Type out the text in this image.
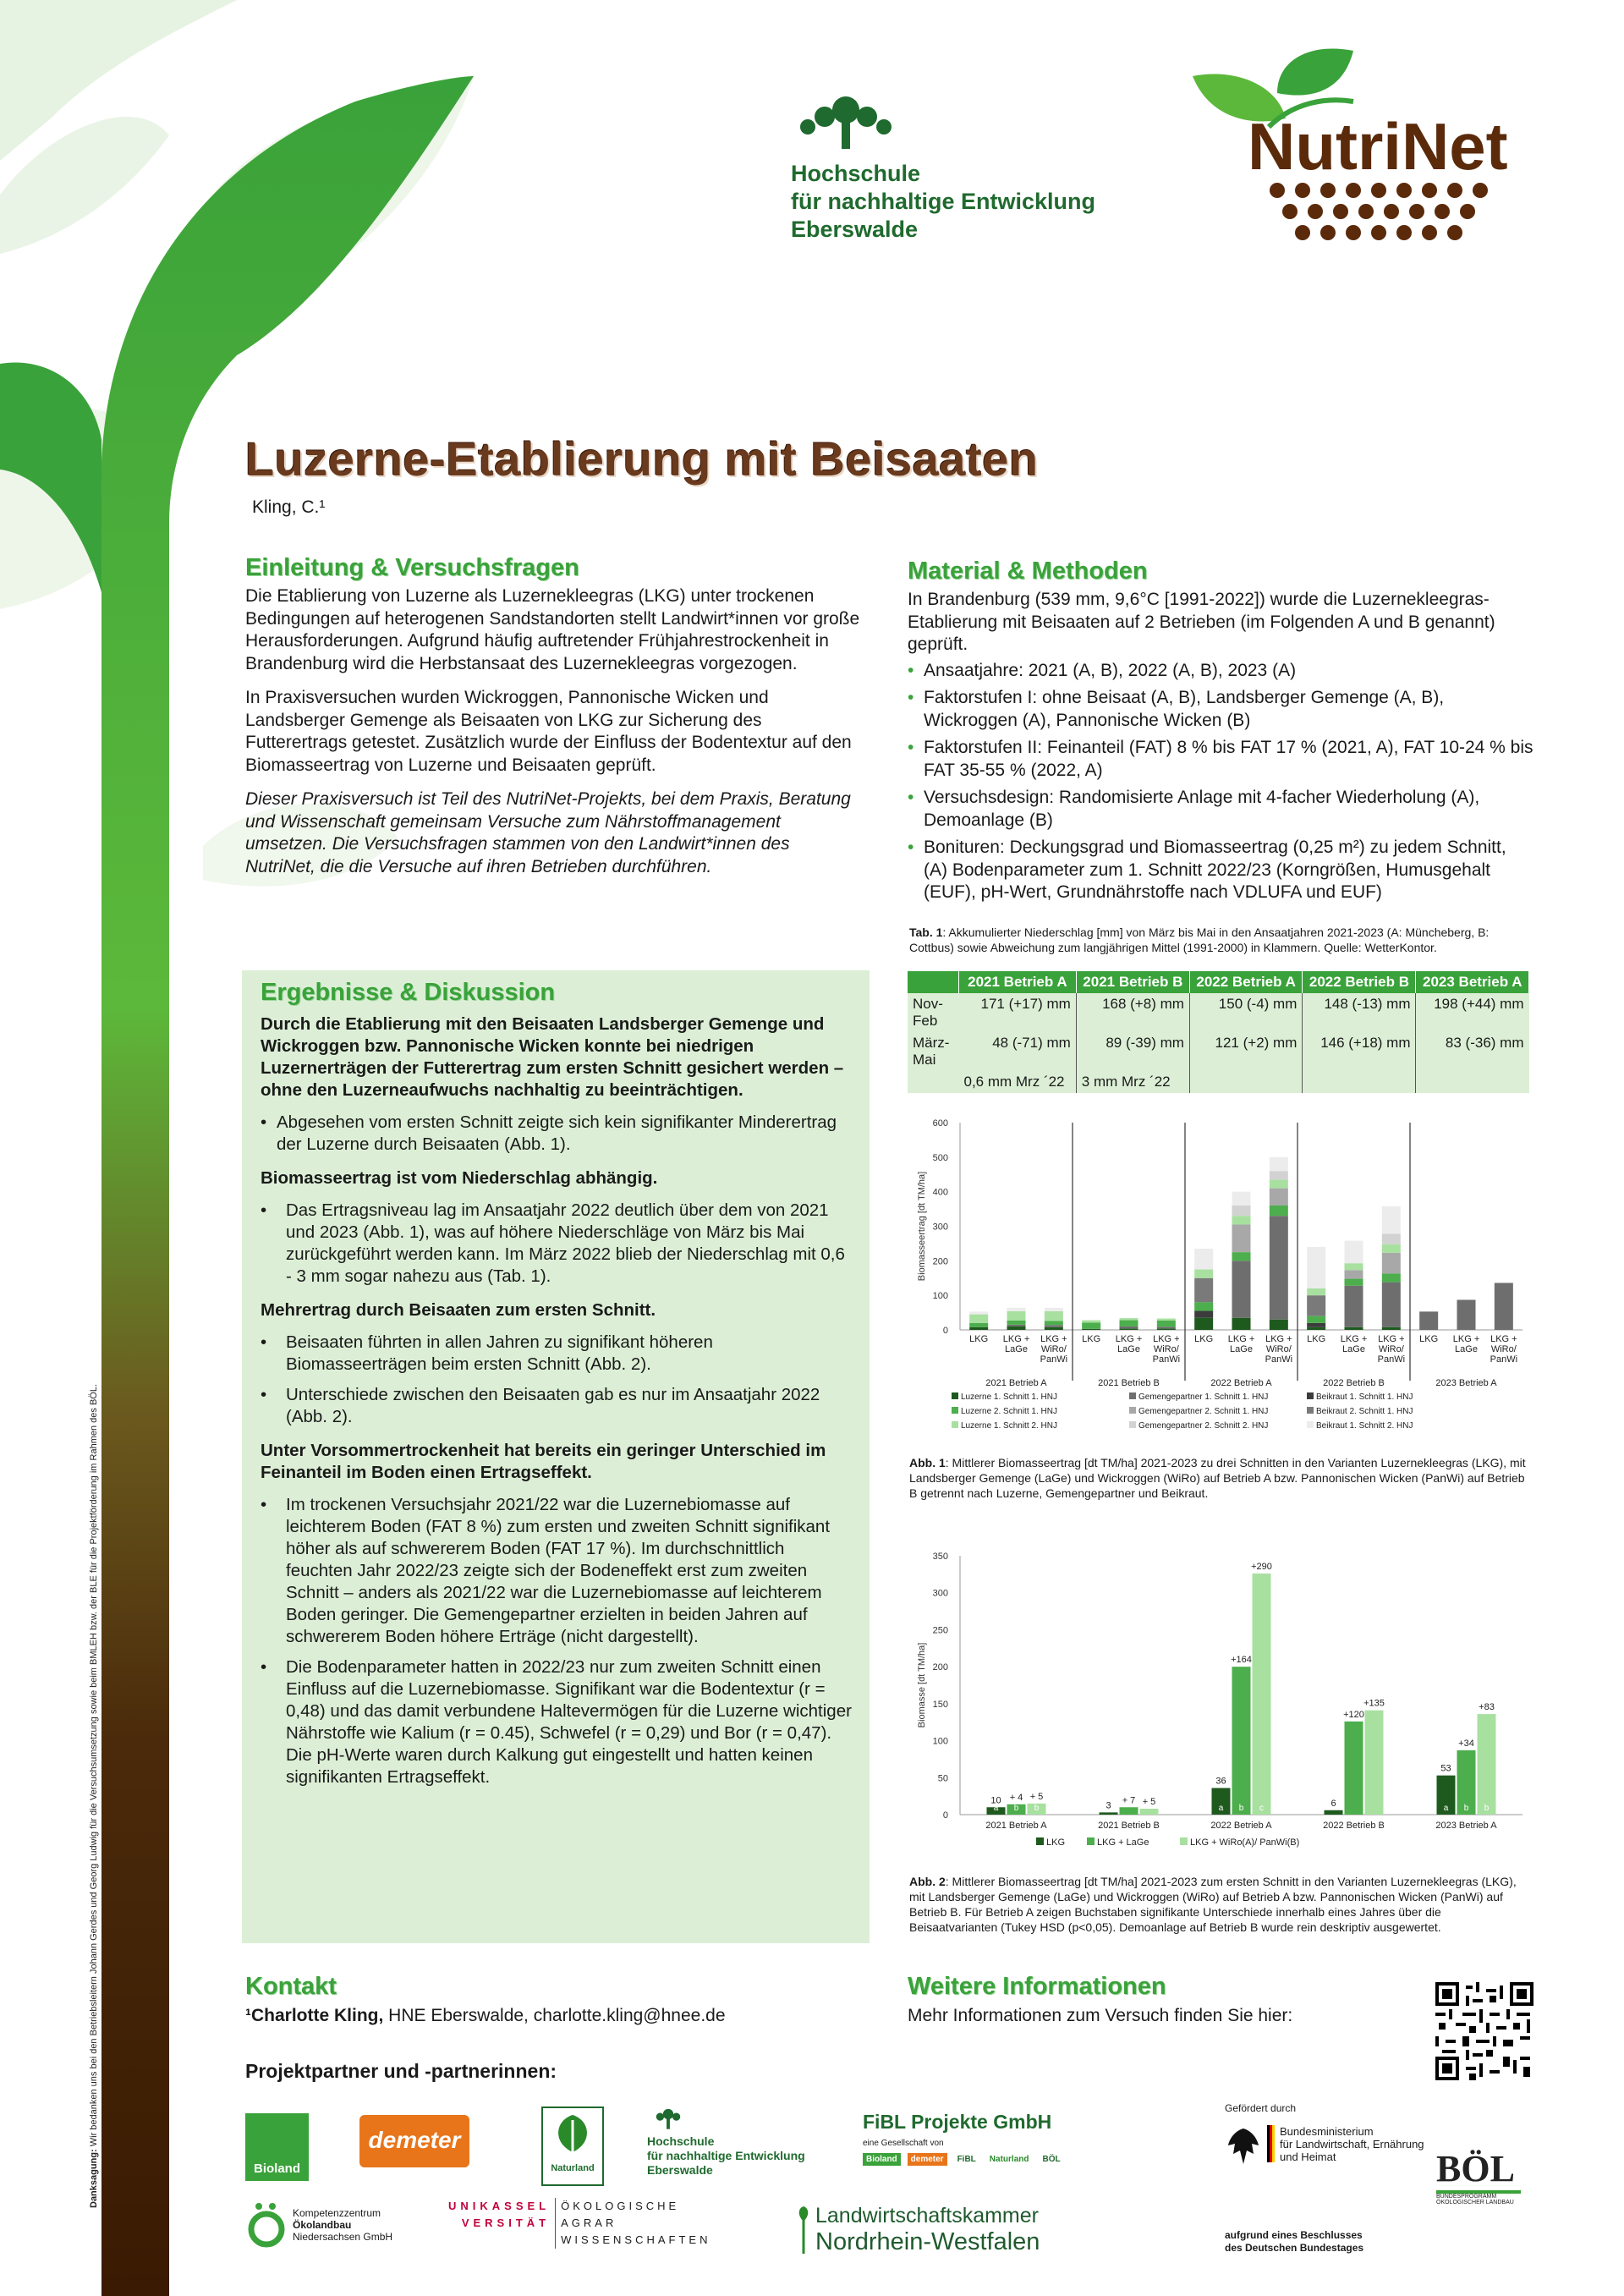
Danksagung: Wir bedanken uns bei den Betriebsleitern Johann Gerdes und Georg Ludwig für die Versuchsumsetzung sowie beim BMLEH bzw. der BLE für die Projektförderung im Rahmen des BÖL.
Hochschule
für nachhaltige Entwicklung
Eberswalde
NutriNet
Luzerne-Etablierung mit Beisaaten
Kling, C.¹
Einleitung & Versuchsfragen

Die Etablierung von Luzerne als Luzernekleegras (LKG) unter trockenen Bedingungen auf heterogenen Sandstandorten stellt Landwirt*innen vor große Herausforderungen. Aufgrund häufig auftretender Frühjahrestrockenheit in Brandenburg wird die Herbstansaat des Luzernekleegras vorgezogen.

In Praxisversuchen wurden Wickroggen, Pannonische Wicken und Landsberger Gemenge als Beisaaten von LKG zur Sicherung des Futterertrags getestet. Zusätzlich wurde der Einfluss der Bodentextur auf den Biomasseertrag von Luzerne und Beisaaten geprüft.

Dieser Praxisversuch ist Teil des NutriNet-Projekts, bei dem Praxis, Beratung und Wissenschaft gemeinsam Versuche zum Nährstoffmanagement umsetzen. Die Versuchsfragen stammen von den Landwirt*innen des NutriNet, die die Versuche auf ihren Betrieben durchführen.

Material & Methoden

In Brandenburg (539 mm, 9,6°C [1991-2022]) wurde die Luzernekleegras-Etablierung mit Beisaaten auf 2 Betrieben (im Folgenden A und B genannt) geprüft.

• Ansaatjahre: 2021 (A, B), 2022 (A, B), 2023 (A)
• Faktorstufen I: ohne Beisaat (A, B), Landsberger Gemenge (A, B), Wickroggen (A), Pannonische Wicken (B)
• Faktorstufen II: Feinanteil (FAT) 8 % bis FAT 17 % (2021, A), FAT 10-24 % bis FAT 35-55 % (2022, A)
• Versuchsdesign: Randomisierte Anlage mit 4-facher Wiederholung (A), Demoanlage (B)
• Bonituren: Deckungsgrad und Biomasseertrag (0,25 m²) zu jedem Schnitt, (A) Bodenparameter zum 1. Schnitt 2022/23 (Korngrößen, Humusgehalt (EUF), pH-Wert, Grundnährstoffe nach VDLUFA und EUF)
Tab. 1: Akkumulierter Niederschlag [mm] von März bis Mai in den Ansaatjahren 2021-2023 (A: Müncheberg, B: Cottbus) sowie Abweichung zum langjährigen Mittel (1991-2000) in Klammern. Quelle: WetterKontor.
	2021 Betrieb A	2021 Betrieb B	2022 Betrieb A	2022 Betrieb B	2023 Betrieb A
Nov-Feb	171 (+17) mm	168 (+8) mm	150 (-4) mm	148 (-13) mm	198 (+44) mm
März-Mai	48 (-71) mm	89 (-39) mm	121 (+2) mm	146 (+18) mm	83 (-36) mm
	0,6 mm Mrz ´22	3 mm Mrz ´22			
0
100
200
300
400
500
600
Biomasseertrag [dt TM/ha]
2021 Betrieb A
LKG LKG +
LaGe
LKG +
WiRo/
PanWi
2021 Betrieb B
LKG LKG +
LaGe
LKG +
WiRo/
PanWi
2022 Betrieb A
LKG LKG +
LaGe
LKG +
WiRo/
PanWi
2022 Betrieb B
LKG LKG +
LaGe
LKG +
WiRo/
PanWi
2023 Betrieb A
LKG LKG +
LaGe
LKG +
WiRo/
PanWi
Luzerne 1. Schnitt 1. HNJ	Gemengepartner 1. Schnitt 1. HNJ	Beikraut 1. Schnitt 1. HNJ
Luzerne 2. Schnitt 1. HNJ	Gemengepartner 2. Schnitt 1. HNJ	Beikraut 2. Schnitt 1. HNJ
Luzerne 1. Schnitt 2. HNJ	Gemengepartner 2. Schnitt 2. HNJ	Beikraut 1. Schnitt 2. HNJ
Abb. 1: Mittlerer Biomasseertrag [dt TM/ha] 2021-2023 zu drei Schnitten in den Varianten Luzernekleegras (LKG), mit Landsberger Gemenge (LaGe) und Wickroggen (WiRo) auf Betrieb A bzw. Pannonischen Wicken (PanWi) auf Betrieb B getrennt nach Luzerne, Gemengepartner und Beikraut.
0
50
100
150
200
250
300
350
Biomasse [dt TM/ha]
2021 Betrieb A
10
a
+ 4
b
+ 5
b
2021 Betrieb B
3
+ 7 + 5
2022 Betrieb A
36
a
+164
b
+290
c
2022 Betrieb B
6
+120
+135
2023 Betrieb A
53
a
+34
b
+83
b
LKG	LKG + LaGe	LKG + WiRo(A)/ PanWi(B)
Abb. 2: Mittlerer Biomasseertrag [dt TM/ha] 2021-2023 zum ersten Schnitt in den Varianten Luzernekleegras (LKG), mit Landsberger Gemenge (LaGe) und Wickroggen (WiRo) auf Betrieb A bzw. Pannonischen Wicken (PanWi) auf Betrieb B. Für Betrieb A zeigen Buchstaben signifikante Unterschiede innerhalb eines Jahres über die Beisaatvarianten (Tukey HSD (p<0,05). Demoanlage auf Betrieb B wurde rein deskriptiv ausgewertet.
Ergebnisse & Diskussion

Durch die Etablierung mit den Beisaaten Landsberger Gemenge und Wickroggen bzw. Pannonische Wicken konnte bei niedrigen Luzernerträgen der Futterertrag zum ersten Schnitt gesichert werden – ohne den Luzerneaufwuchs nachhaltig zu beeinträchtigen.

• Abgesehen vom ersten Schnitt zeigte sich kein signifikanter Minderertrag der Luzerne durch Beisaaten (Abb. 1).

Biomasseertrag ist vom Niederschlag abhängig.

• Das Ertragsniveau lag im Ansaatjahr 2022 deutlich über dem von 2021 und 2023 (Abb. 1), was auf höhere Niederschläge von März bis Mai zurückgeführt werden kann. Im März 2022 blieb der Niederschlag mit 0,6 - 3 mm sogar nahezu aus (Tab. 1).

Mehrertrag durch Beisaaten zum ersten Schnitt.

• Beisaaten führten in allen Jahren zu signifikant höheren Biomasseerträgen beim ersten Schnitt (Abb. 2).
• Unterschiede zwischen den Beisaaten gab es nur im Ansaatjahr 2022 (Abb. 2).

Unter Vorsommertrockenheit hat bereits ein geringer Unterschied im Feinanteil im Boden einen Ertragseffekt.

• Im trockenen Versuchsjahr 2021/22 war die Luzernebiomasse auf leichterem Boden (FAT 8 %) zum ersten und zweiten Schnitt signifikant höher als auf schwererem Boden (FAT 17 %). Im durchschnittlich feuchten Jahr 2022/23 zeigte sich der Bodeneffekt erst zum zweiten Schnitt – anders als 2021/22 war die Luzernebiomasse auf leichterem Boden geringer. Die Gemengepartner erzielten in beiden Jahren auf schwererem Boden höhere Erträge (nicht dargestellt).
• Die Bodenparameter hatten in 2022/23 nur zum zweiten Schnitt einen Einfluss auf die Luzernebiomasse. Signifikant war die Bodentextur (r = 0,48) und das damit verbundene Haltevermögen für die Luzerne wichtiger Nährstoffe wie Kalium (r = 0.45), Schwefel (r = 0,29) und Bor (r = 0,47). Die pH-Werte waren durch Kalkung gut eingestellt und hatten keinen signifikanten Ertragseffekt.
Kontakt
¹Charlotte Kling, HNE Eberswalde, charlotte.kling@hnee.de
Weitere Informationen
Mehr Informationen zum Versuch finden Sie hier:
Projektpartner und -partnerinnen:
Bioland
demeter
Naturland
Hochschule
für nachhaltige Entwicklung
Eberswalde
FiBL Projekte GmbH
eine Gesellschaft von
Bioland	demeter	FiBL	Naturland	BÖL
Gefördert durch
Bundesministerium
für Landwirtschaft, Ernährung
und Heimat	BÖL
BUNDESPROGRAMM
ÖKOLOGISCHER LANDBAU
aufgrund eines Beschlusses
des Deutschen Bundestages
Kompetenzzentrum
Ökolandbau
Niedersachsen GmbH
UNIKASSEL
VERSITÄT
ÖKOLOGISCHE
AGRAR
WISSENSCHAFTEN
Landwirtschaftskammer
Nordrhein-Westfalen
